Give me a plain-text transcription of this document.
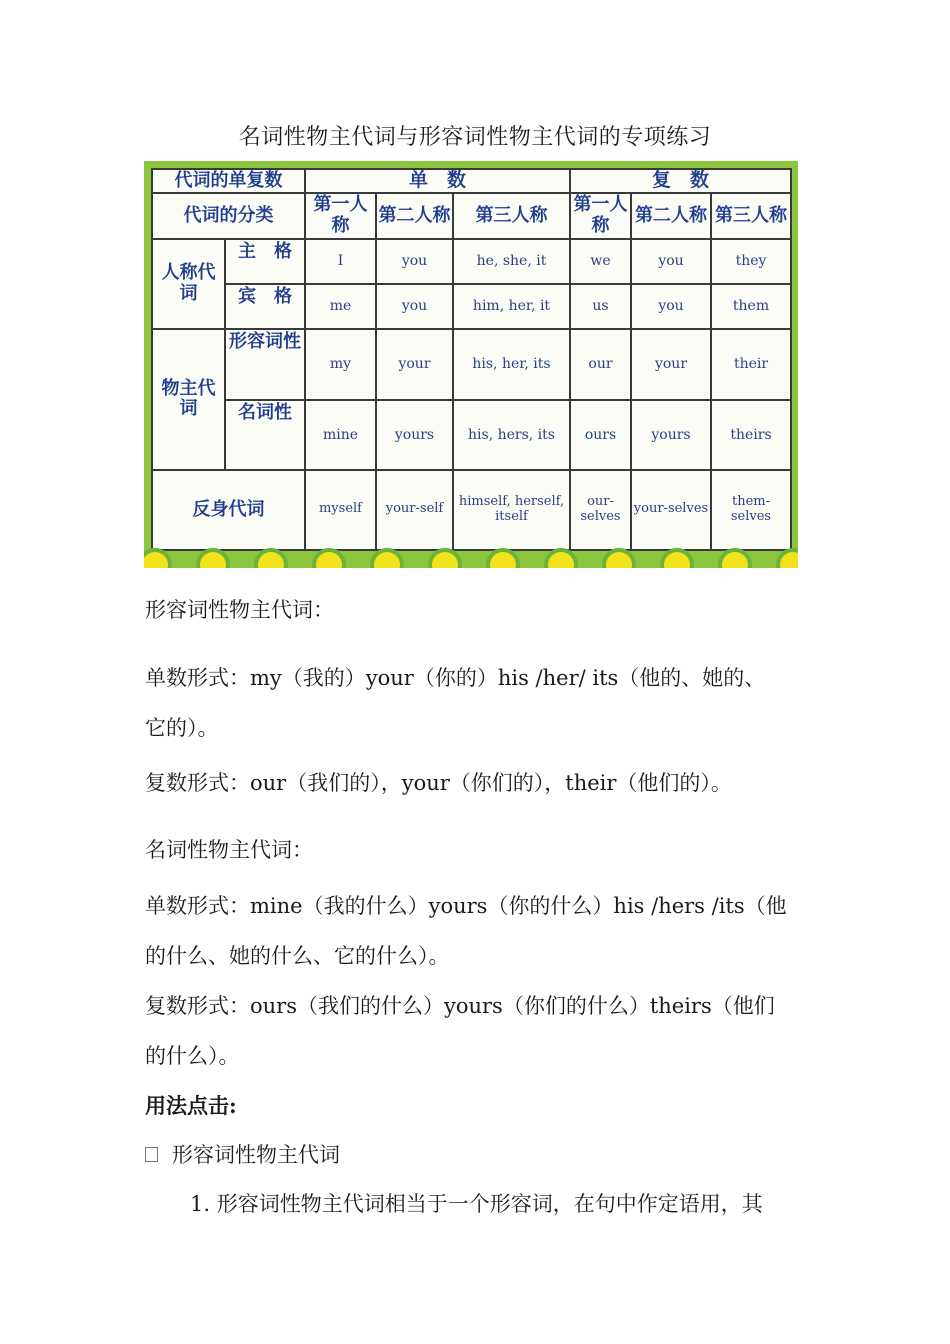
名词性物主代词与形容词性物主代词的专项练习
代词的单复数		单　数			复　数		
代词的分类		第一人称	第二人称	第三人称	第一人称	第二人称	第三人称
人称代词	主　格	I	you	he, she, it	we	you	they
	宾　格	me	you	him, her, it	us	you	them
物主代词	形容词性	my	your	his, her, its	our	your	their
	名词性	mine	yours	his, hers, its	ours	yours	theirs
反身代词		myself	your-self	himself, herself, itself	our-selves	your-selves	them-selves
形容词性物主代词：
单数形式：my（我的）your（你的）his /her/ its（他的、她的、
它的）。
复数形式：our（我们的），your（你们的），their（他们的）。
名词性物主代词：
单数形式：mine（我的什么）yours（你的什么）his /hers /its（他
的什么、她的什么、它的什么）。
复数形式：ours（我们的什么）yours（你们的什么）theirs（他们
的什么）。
用法点击:
形容词性物主代词
1. 形容词性物主代词相当于一个形容词，在句中作定语用，其
